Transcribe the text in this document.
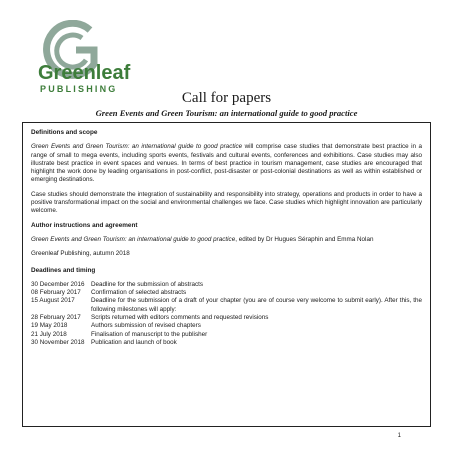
Greenleaf
PUBLISHING
Call for papers
Green Events and Green Tourism: an international guide to good practice
Definitions and scope

Green Events and Green Tourism: an international guide to good practice will comprise case studies that demonstrate best practice in a range of small to mega events, including sports events, festivals and cultural events, conferences and exhibitions. Case studies may also illustrate best practice in event spaces and venues. In terms of best practice in tourism management, case studies are encouraged that highlight the work done by leading organisations in post-conflict, post-disaster or post-colonial destinations as well as within established or emerging destinations.

Case studies should demonstrate the integration of sustainability and responsibility into strategy, operations and products in order to have a positive transformational impact on the social and environmental challenges we face. Case studies which highlight innovation are particularly welcome.

Author instructions and agreement

Green Events and Green Tourism: an international guide to good practice, edited by Dr Hugues Séraphin and Emma Nolan

Greenleaf Publishing, autumn 2018

Deadlines and timing
30 December 2016	Deadline for the submission of abstracts
08 February 2017	Confirmation of selected abstracts
15 August 2017	Deadline for the submission of a draft of your chapter (you are of course very welcome to submit early). After this, the following milestones will apply:
28 February 2017	Scripts returned with editors comments and requested revisions
19 May 2018	Authors submission of revised chapters
21 July 2018	Finalisation of manuscript to the publisher
30 November 2018	Publication and launch of book
1
